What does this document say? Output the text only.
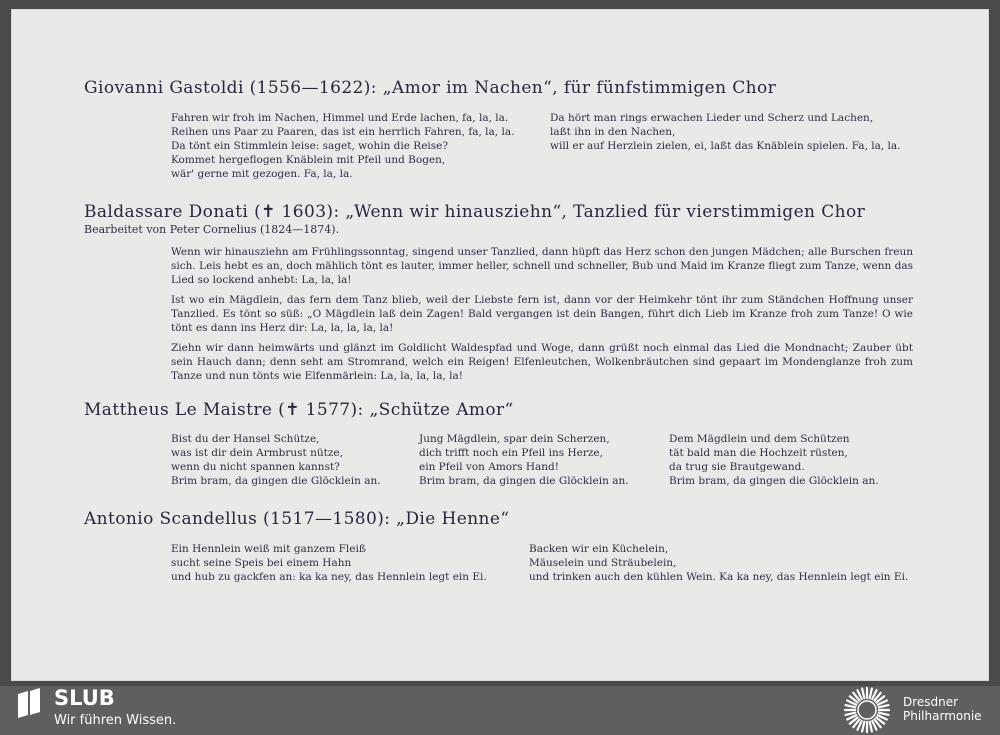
Giovanni Gastoldi (1556—1622): „Amor im Nachen“, für fünfstimmigen Chor
Fahren wir froh im Nachen, Himmel und Erde lachen, fa, la, la.
Reihen uns Paar zu Paaren, das ist ein herrlich Fahren, fa, la, la.
Da tönt ein Stimmlein leise: saget, wohin die Reise?
Kommet hergeflogen Knäblein mit Pfeil und Bogen,
wär' gerne mit gezogen. Fa, la, la.
Da hört man rings erwachen Lieder und Scherz und Lachen,
laßt ihn in den Nachen,
will er auf Herzlein zielen, ei, laßt das Knäblein spielen. Fa, la, la.
Baldassare Donati (✝ 1603): „Wenn wir hinausziehn“, Tanzlied für vierstimmigen Chor
Bearbeitet von Peter Cornelius (1824—1874).

Wenn wir hinausziehn am Frühlingssonntag, singend unser Tanzlied, dann hüpft das Herz schon den jungen Mädchen; alle Burschen freun sich. Leis hebt es an, doch mählich tönt es lauter, immer heller, schnell und schneller, Bub und Maid im Kranze fliegt zum Tanze, wenn das Lied so lockend anhebt: La, la, la!

Ist wo ein Mägdlein, das fern dem Tanz blieb, weil der Liebste fern ist, dann vor der Heimkehr tönt ihr zum Ständchen Hoffnung unser Tanzlied. Es tönt so süß: „O Mägdlein laß dein Zagen! Bald vergangen ist dein Bangen, führt dich Lieb im Kranze froh zum Tanze! O wie tönt es dann ins Herz dir: La, la, la, la, la!

Ziehn wir dann heimwärts und glänzt im Goldlicht Waldespfad und Woge, dann grüßt noch einmal das Lied die Mondnacht; Zauber übt sein Hauch dann; denn seht am Stromrand, welch ein Reigen! Elfenleutchen, Wolkenbräutchen sind gepaart im Mondenglanze froh zum Tanze und nun tönts wie Elfenmärlein: La, la, la, la, la!

Mattheus Le Maistre (✝ 1577): „Schütze Amor“
Bist du der Hansel Schütze,
was ist dir dein Armbrust nütze,
wenn du nicht spannen kannst?
Brim bram, da gingen die Glöcklein an.
Jung Mägdlein, spar dein Scherzen,
dich trifft noch ein Pfeil ins Herze,
ein Pfeil von Amors Hand!
Brim bram, da gingen die Glöcklein an.
Dem Mägdlein und dem Schützen
tät bald man die Hochzeit rüsten,
da trug sie Brautgewand.
Brim bram, da gingen die Glöcklein an.
Antonio Scandellus (1517—1580): „Die Henne“
Ein Hennlein weiß mit ganzem Fleiß
sucht seine Speis bei einem Hahn
und hub zu gackfen an: ka ka ney, das Hennlein legt ein Ei.
Backen wir ein Küchelein,
Mäuselein und Sträubelein,
und trinken auch den kühlen Wein. Ka ka ney, das Hennlein legt ein Ei.
SLUB
Wir führen Wissen.
Dresdner
Philharmonie
